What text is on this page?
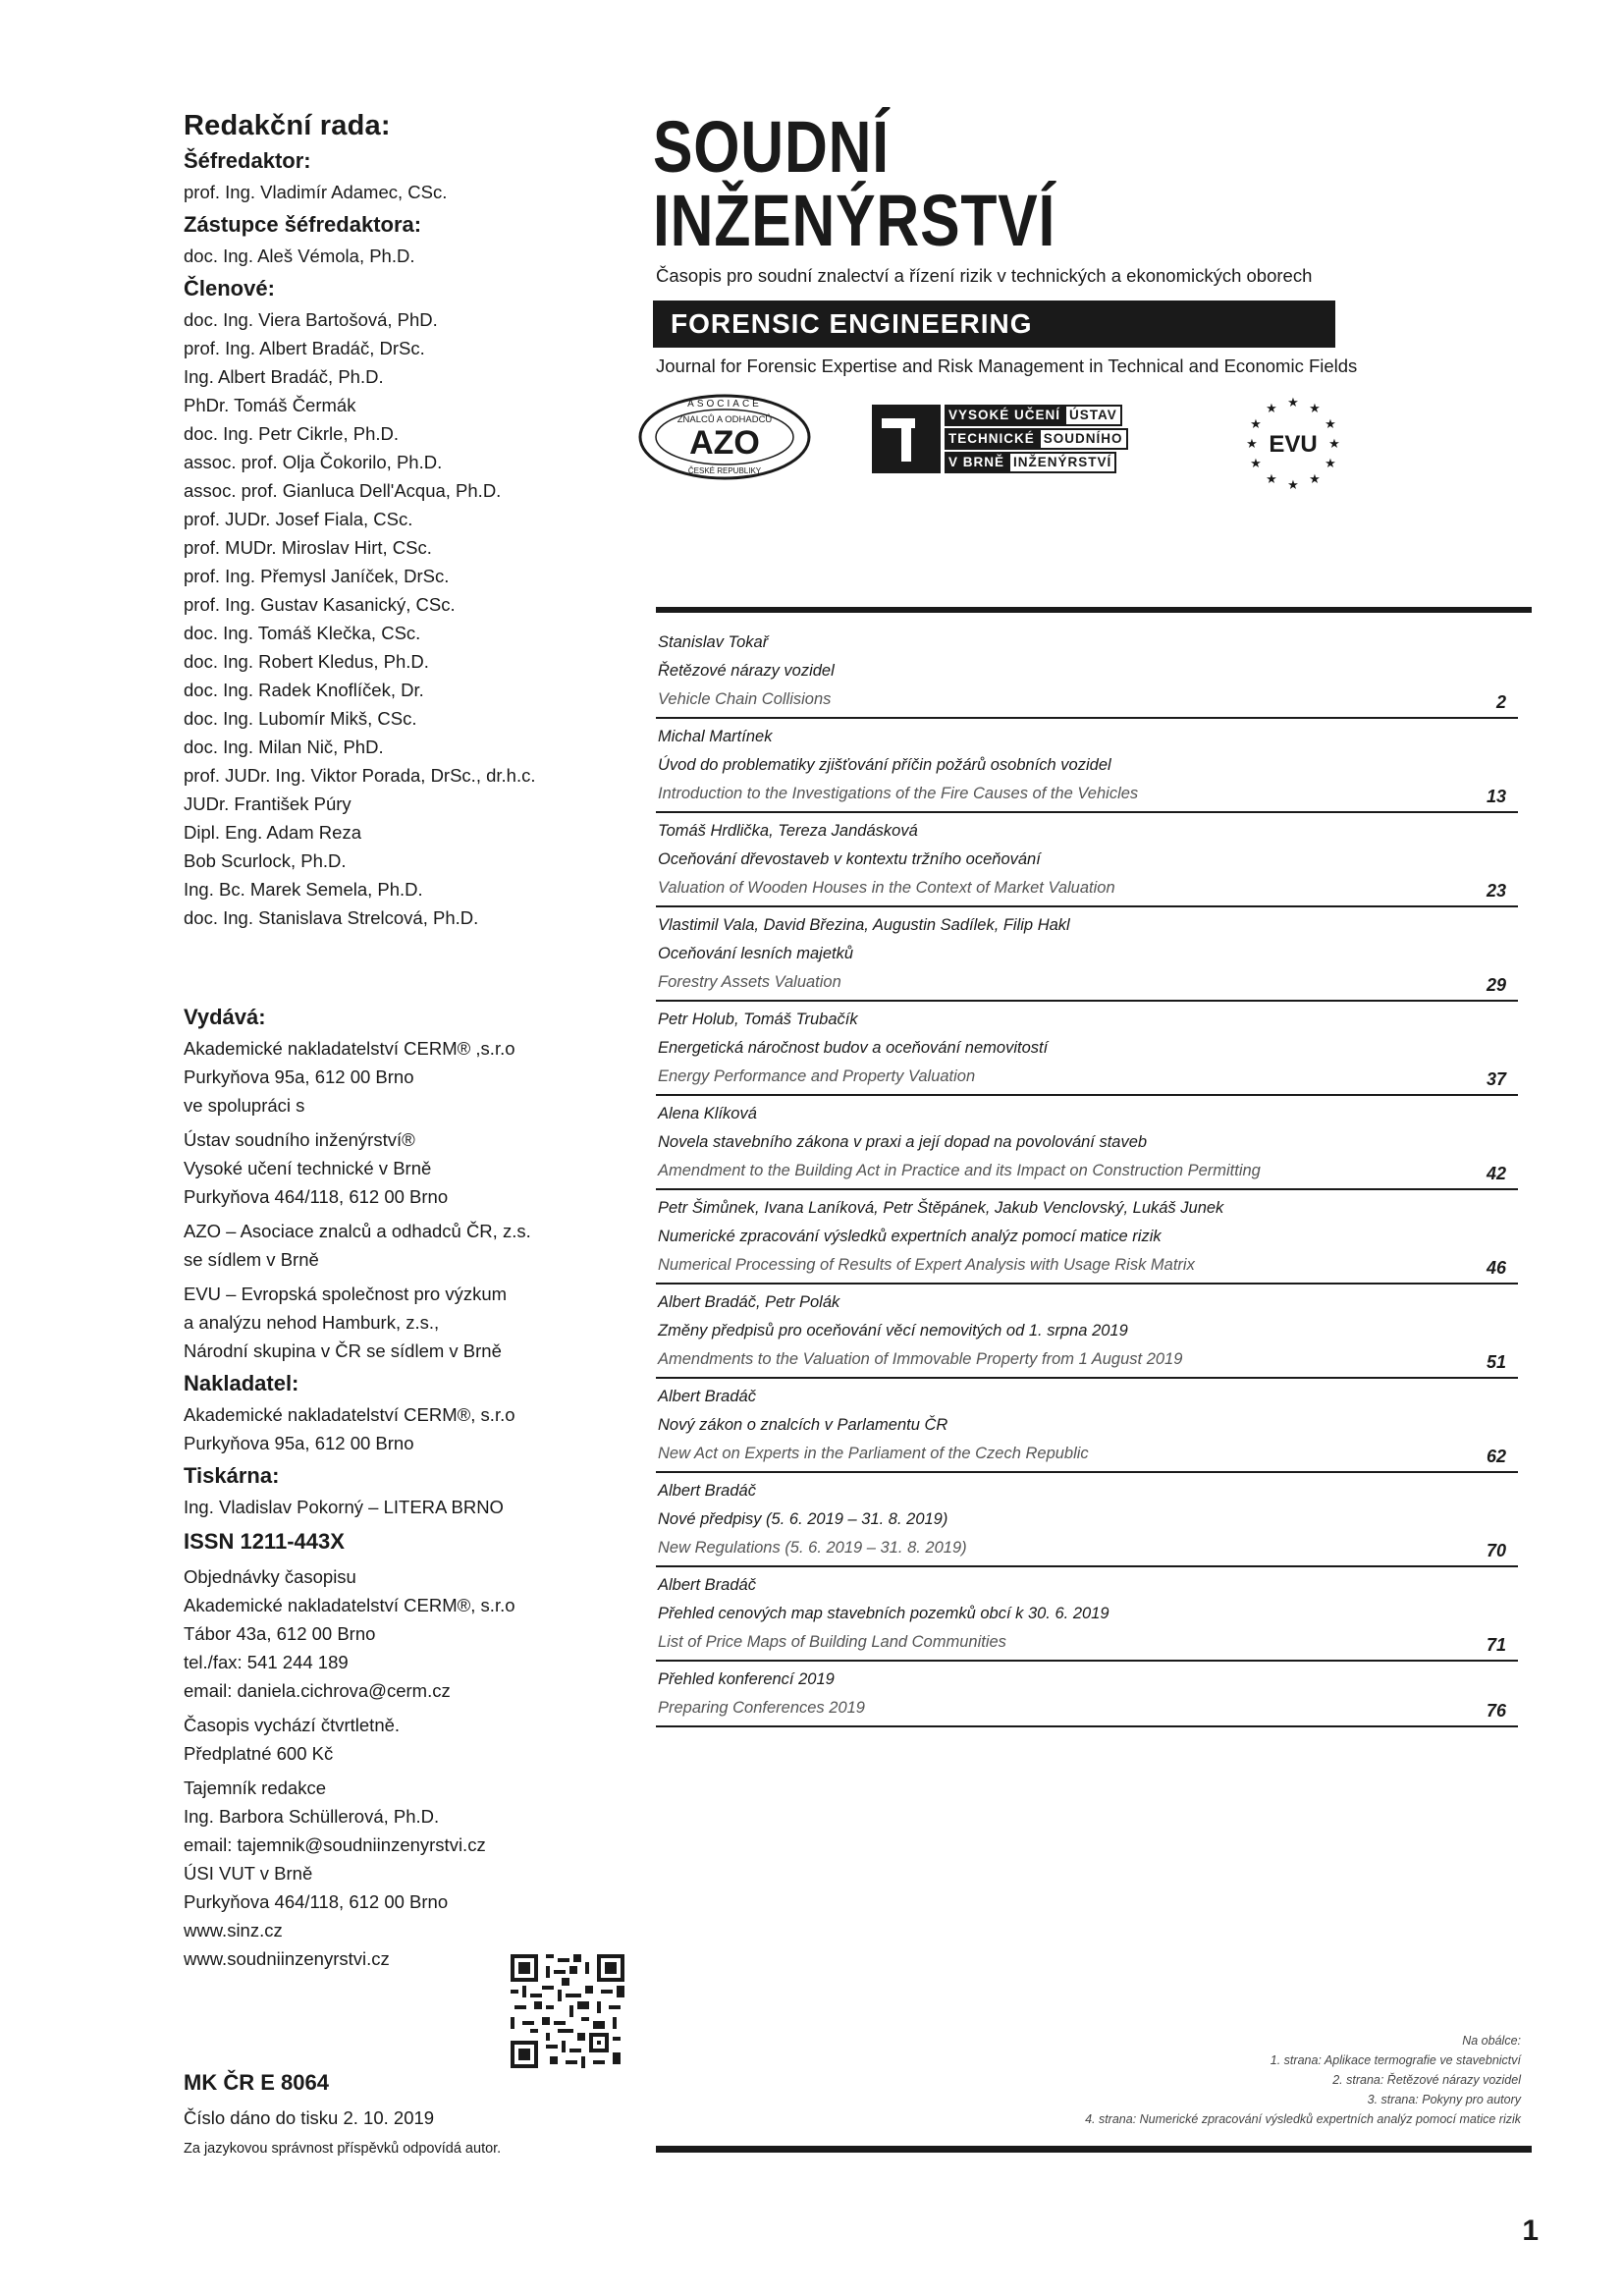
Redakční rada:
Šéfredaktor:
prof. Ing. Vladimír Adamec, CSc.
Zástupce šéfredaktora:
doc. Ing. Aleš Vémola, Ph.D.
Členové:
doc. Ing. Viera Bartošová, PhD.
prof. Ing. Albert Bradáč, DrSc.
Ing. Albert Bradáč, Ph.D.
PhDr. Tomáš Čermák
doc. Ing. Petr Cikrle, Ph.D.
assoc. prof. Olja Čokorilo, Ph.D.
assoc. prof. Gianluca Dell'Acqua, Ph.D.
prof. JUDr. Josef Fiala, CSc.
prof. MUDr. Miroslav Hirt, CSc.
prof. Ing. Přemysl Janíček, DrSc.
prof. Ing. Gustav Kasanický, CSc.
doc. Ing. Tomáš Klečka, CSc.
doc. Ing. Robert Kledus, Ph.D.
doc. Ing. Radek Knoflíček, Dr.
doc. Ing. Lubomír Mikš, CSc.
doc. Ing. Milan Nič, PhD.
prof. JUDr. Ing. Viktor Porada, DrSc., dr.h.c.
JUDr. František Púry
Dipl. Eng. Adam Reza
Bob Scurlock, Ph.D.
Ing. Bc. Marek Semela, Ph.D.
doc. Ing. Stanislava Strelcová, Ph.D.
Vydává:
Akademické nakladatelství CERM® ,s.r.o
Purkyňova 95a, 612 00 Brno
ve spolupráci s
Ústav soudního inženýrství®
Vysoké učení technické v Brně
Purkyňova 464/118, 612 00 Brno
AZO – Asociace znalců a odhadců ČR, z.s.
se sídlem v Brně
EVU – Evropská společnost pro výzkum
a analýzu nehod Hamburk, z.s.,
Národní skupina v ČR se sídlem v Brně
Nakladatel:
Akademické nakladatelství CERM®, s.r.o
Purkyňova 95a, 612 00 Brno
Tiskárna:
Ing. Vladislav Pokorný – LITERA BRNO
ISSN 1211-443X
Objednávky časopisu
Akademické nakladatelství CERM®, s.r.o
Tábor 43a, 612 00 Brno
tel./fax: 541 244 189
email: daniela.cichrova@cerm.cz
Časopis vychází čtvrtletně.
Předplatné 600 Kč
Tajemník redakce
Ing. Barbora Schüllerová, Ph.D.
email: tajemnik@soudniinzenyrstvi.cz
ÚSI VUT v Brně
Purkyňova 464/118, 612 00 Brno
www.sinz.cz
www.soudniinzenyrstvi.cz
MK ČR E 8064
Číslo dáno do tisku 2. 10. 2019
Za jazykovou správnost příspěvků odpovídá autor.
SOUDNÍ
INŽENÝRSTVÍ
Časopis pro soudní znalectví a řízení rizik v technických a ekonomických oborech
FORENSIC ENGINEERING
Journal for Forensic Expertise and Risk Management in Technical and Economic Fields
ASOCIACE
ZNALCŮ A ODHADCŮ
AZO
ČESKÉ REPUBLIKY
VYSOKÉ UČENÍ ÚSTAV
TECHNICKÉ SOUDNÍHO
V BRNĚ INŽENÝRSTVÍ
★ ★
★
★
★
★
★
★
★
★
★
★
EVU
Stanislav Tokař
Řetězové nárazy vozidel
Vehicle Chain Collisions	2
Michal Martínek
Úvod do problematiky zjišťování příčin požárů osobních vozidel
Introduction to the Investigations of the Fire Causes of the Vehicles	13
Tomáš Hrdlička, Tereza Jandásková
Oceňování dřevostaveb v kontextu tržního oceňování
Valuation of Wooden Houses in the Context of Market Valuation	23
Vlastimil Vala, David Březina, Augustin Sadílek, Filip Hakl
Oceňování lesních majetků
Forestry Assets Valuation	29
Petr Holub, Tomáš Trubačík
Energetická náročnost budov a oceňování nemovitostí
Energy Performance and Property Valuation	37
Alena Klíková
Novela stavebního zákona v praxi a její dopad na povolování staveb
Amendment to the Building Act in Practice and its Impact on Construction Permitting	42
Petr Šimůnek, Ivana Laníková, Petr Štěpánek, Jakub Venclovský, Lukáš Junek
Numerické zpracování výsledků expertních analýz pomocí matice rizik
Numerical Processing of Results of Expert Analysis with Usage Risk Matrix	46
Albert Bradáč, Petr Polák
Změny předpisů pro oceňování věcí nemovitých od 1. srpna 2019
Amendments to the Valuation of Immovable Property from 1 August 2019	51
Albert Bradáč
Nový zákon o znalcích v Parlamentu ČR
New Act on Experts in the Parliament of the Czech Republic	62
Albert Bradáč
Nové předpisy (5. 6. 2019 – 31. 8. 2019)
New Regulations (5. 6. 2019 – 31. 8. 2019)	70
Albert Bradáč
Přehled cenových map stavebních pozemků obcí k 30. 6. 2019
List of Price Maps of Building Land Communities	71
Přehled konferencí 2019
Preparing Conferences 2019	76
Na obálce:
1. strana: Aplikace termografie ve stavebnictví
2. strana: Řetězové nárazy vozidel
3. strana: Pokyny pro autory
4. strana: Numerické zpracování výsledků expertních analýz pomocí matice rizik
1
